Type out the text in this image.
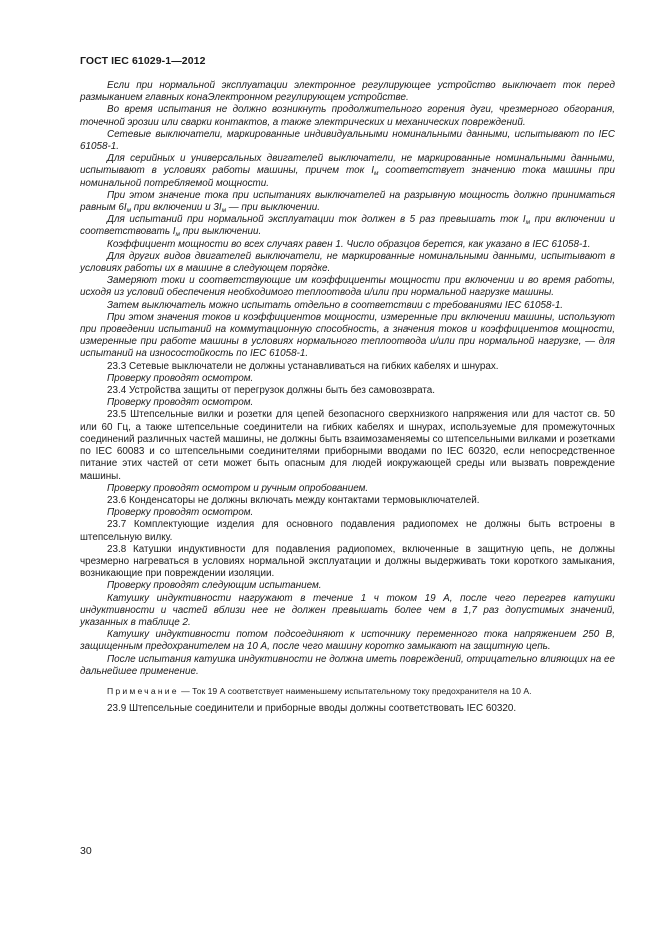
ГОСТ IEC 61029-1—2012

Если при нормальной эксплуатации электронное регулирующее устройство выключает ток перед размыканием главных конаЭлектронном регулирующем устройстве.

Во время испытания не должно возникнуть продолжительного горения дуги, чрезмерного обгорания, точечной эрозии или сварки контактов, а также электрических и механических повреждений.

Сетевые выключатели, маркированные индивидуальными номинальными данными, испытывают по IEC 61058-1.

Для серийных и универсальных двигателей выключатели, не маркированные номинальными данными, испытывают в условиях работы машины, причем ток $I_м$ соответствует значению тока машины при номинальной потребляемой мощности.

При этом значение тока при испытаниях выключателей на разрывную мощность должно приниматься равным $6I_м$ при включении и $3I_м$ — при выключении.

Для испытаний при нормальной эксплуатации ток должен в 5 раз превышать ток $I_м$ при включении и соответствовать $I_м$ при выключении.

Коэффициент мощности во всех случаях равен 1. Число образцов берется, как указано в IEC 61058-1.

Для других видов двигателей выключатели, не маркированные номинальными данными, испытывают в условиях работы их в машине в следующем порядке.

Замеряют токи и соответствующие им коэффициенты мощности при включении и во время работы, исходя из условий обеспечения необходимого теплоотвода и/или при нормальной нагрузке машины.

Затем выключатель можно испытать отдельно в соответствии с требованиями IEC 61058-1.

При этом значения токов и коэффициентов мощности, измеренные при включении машины, используют при проведении испытаний на коммутационную способность, а значения токов и коэффициентов мощности, измеренные при работе машины в условиях нормального теплоотвода и/или при нормальной нагрузке, — для испытаний на износостойкость по IEC 61058-1.

23.3 Сетевые выключатели не должны устанавливаться на гибких кабелях и шнурах.

Проверку проводят осмотром.

23.4 Устройства защиты от перегрузок должны быть без самовозврата.

Проверку проводят осмотром.

23.5 Штепсельные вилки и розетки для цепей безопасного сверхнизкого напряжения или для частот св. 50 или 60 Гц, а также штепсельные соединители на гибких кабелях и шнурах, используемые для промежуточных соединений различных частей машины, не должны быть взаимозаменяемы со штепсельными вилками и розетками по IEC 60083 и со штепсельными соединителями приборными вводами по IEC 60320, если непосредственное питание этих частей от сети может быть опасным для людей иокружающей среды или вызвать повреждение машины.

Проверку проводят осмотром и ручным опробованием.

23.6 Конденсаторы не должны включать между контактами термовыключателей.

Проверку проводят осмотром.

23.7 Комплектующие изделия для основного подавления радиопомех не должны быть встроены в штепсельную вилку.

23.8 Катушки индуктивности для подавления радиопомех, включенные в защитную цепь, не должны чрезмерно нагреваться в условиях нормальной эксплуатации и должны выдерживать токи короткого замыкания, возникающие при повреждении изоляции.

Проверку проводят следующим испытанием.

Катушку индуктивности нагружают в течение 1 ч током 19 А, после чего перегрев катушки индуктивности и частей вблизи нее не должен превышать более чем в 1,7 раз допустимых значений, указанных в таблице 2.

Катушку индуктивности потом подсоединяют к источнику переменного тока напряжением 250 В, защищенным предохранителем на 10 А, после чего машину коротко замыкают на защитную цепь.

После испытания катушка индуктивности не должна иметь повреждений, отрицательно влияющих на ее дальнейшее применение.

Примечание — Ток 19 А соответствует наименьшему испытательному току предохранителя на 10 А.

23.9 Штепсельные соединители и приборные вводы должны соответствовать IEC 60320.

30
